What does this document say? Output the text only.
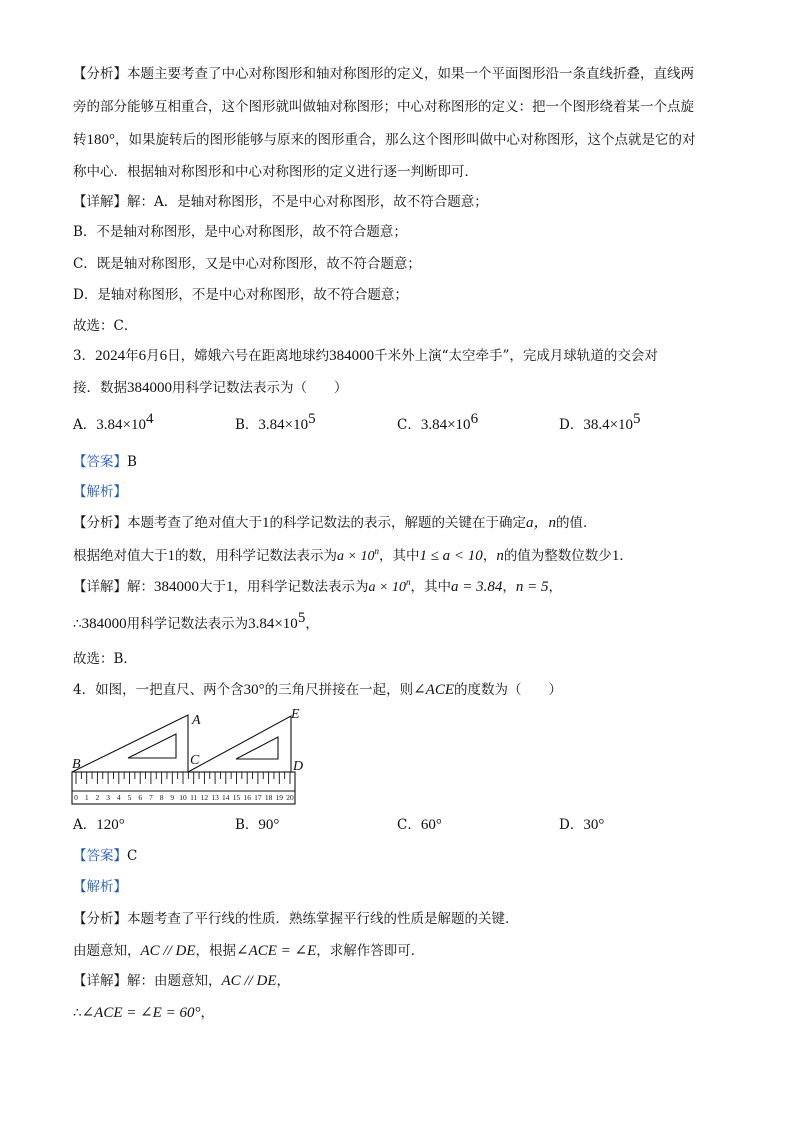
【分析】本题主要考查了中心对称图形和轴对称图形的定义，如果一个平面图形沿一条直线折叠，直线两
旁的部分能够互相重合，这个图形就叫做轴对称图形；中心对称图形的定义：把一个图形绕着某一个点旋
转180°，如果旋转后的图形能够与原来的图形重合，那么这个图形叫做中心对称图形，这个点就是它的对
称中心．根据轴对称图形和中心对称图形的定义进行逐一判断即可．
【详解】解：A．是轴对称图形，不是中心对称图形，故不符合题意；
B．不是轴对称图形，是中心对称图形，故不符合题意；
C．既是轴对称图形，又是中心对称图形，故不符合题意；
D．是轴对称图形，不是中心对称图形，故不符合题意；
故选：C．
3．2024年6月6日，嫦娥六号在距离地球约384000千米外上演“太空牵手”，完成月球轨道的交会对
接．数据384000用科学记数法表示为（　　）
A．$3.84\times 10^4$	B．$3.84\times 10^5$	C．$3.84\times 10^6$	D．$38.4\times 10^5$
【答案】B
【解析】
【分析】本题考查了绝对值大于1的科学记数法的表示，解题的关键在于确定a，n的值．
根据绝对值大于1的数，用科学记数法表示为$a \times 10^n$，其中1 ≤ a < 10，n的值为整数位数少1．
【详解】解：384000大于1，用科学记数法表示为$a \times 10^n$，其中a = 3.84，n = 5，
∴384000用科学记数法表示为$3.84\times 10^5$，
故选：B．
4．如图，一把直尺、两个含30°的三角尺拼接在一起，则∠ACE的度数为（　　）
0 1 2 3 4 5 6 7 8 9 10 11 12 13 14 15 16 17 18 19 20
A
B	C	D
E
A．120°	B．90°	C．60°	D．30°
【答案】C
【解析】
【分析】本题考查了平行线的性质．熟练掌握平行线的性质是解题的关键．
由题意知，AC // DE，根据∠ACE = ∠E，求解作答即可．
【详解】解：由题意知，AC // DE，
∴∠ACE = ∠E = 60°，
